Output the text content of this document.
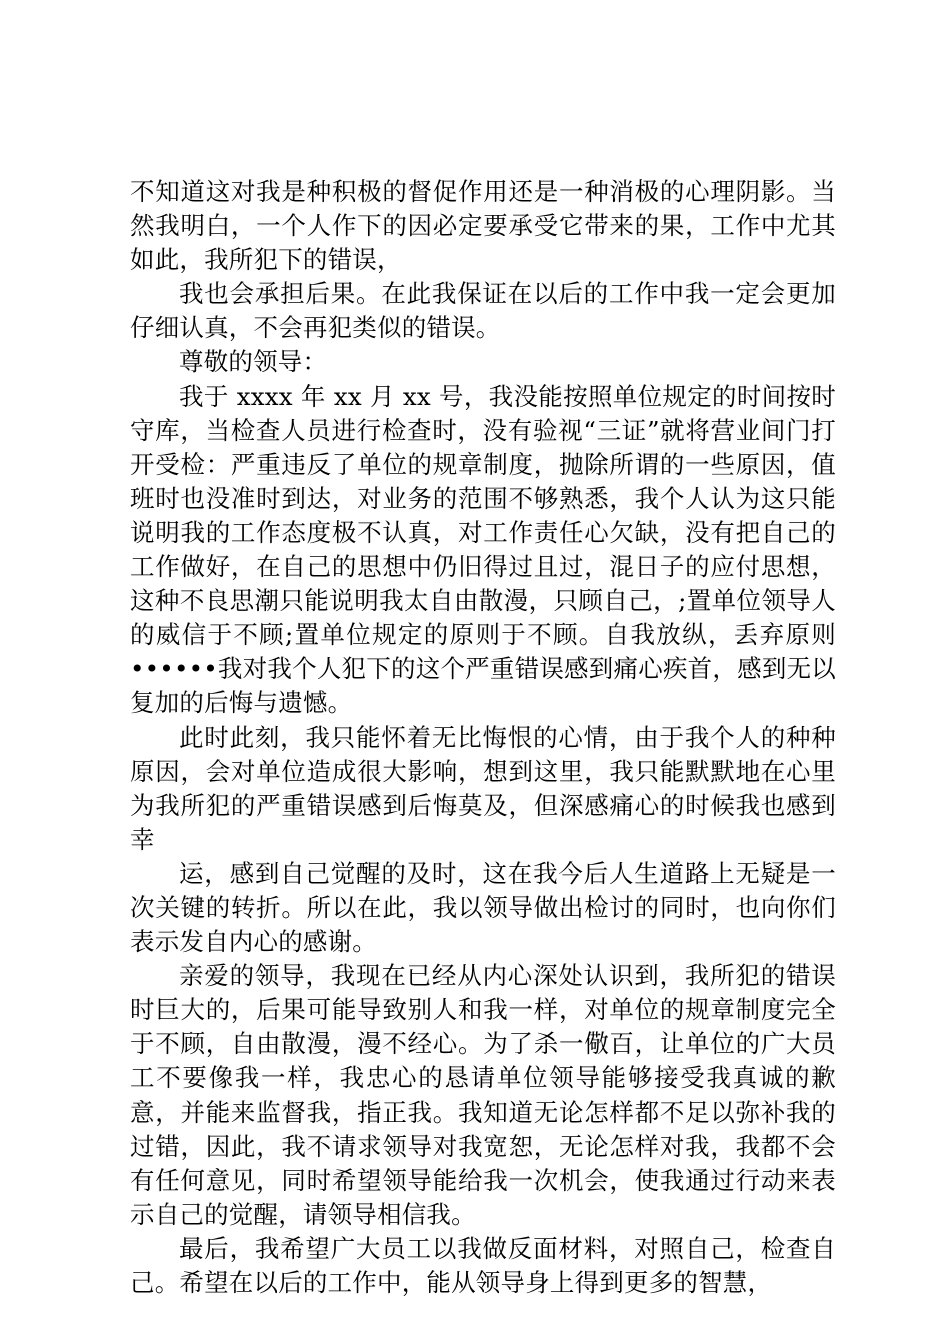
不知道这对我是种积极的督促作用还是一种消极的心理阴影。当然我明白，一个人作下的因必定要承受它带来的果，工作中尤其如此，我所犯下的错误，

我也会承担后果。在此我保证在以后的工作中我一定会更加仔细认真，不会再犯类似的错误。

尊敬的领导：

我于 xxxx 年 xx 月 xx 号，我没能按照单位规定的时间按时守库，当检查人员进行检查时，没有验视“三证”就将营业间门打开受检：严重违反了单位的规章制度，抛除所谓的一些原因，值班时也没准时到达，对业务的范围不够熟悉，我个人认为这只能说明我的工作态度极不认真，对工作责任心欠缺，没有把自己的工作做好，在自己的思想中仍旧得过且过，混日子的应付思想，这种不良思潮只能说明我太自由散漫，只顾自己，;置单位领导人的威信于不顾;置单位规定的原则于不顾。自我放纵，丢弃原则••••••我对我个人犯下的这个严重错误感到痛心疾首，感到无以复加的后悔与遗憾。

此时此刻，我只能怀着无比悔恨的心情，由于我个人的种种原因，会对单位造成很大影响，想到这里，我只能默默地在心里为我所犯的严重错误感到后悔莫及，但深感痛心的时候我也感到幸

运，感到自己觉醒的及时，这在我今后人生道路上无疑是一次关键的转折。所以在此，我以领导做出检讨的同时，也向你们表示发自内心的感谢。

亲爱的领导，我现在已经从内心深处认识到，我所犯的错误时巨大的，后果可能导致别人和我一样，对单位的规章制度完全于不顾，自由散漫，漫不经心。为了杀一儆百，让单位的广大员工不要像我一样，我忠心的恳请单位领导能够接受我真诚的歉意，并能来监督我，指正我。我知道无论怎样都不足以弥补我的过错，因此，我不请求领导对我宽恕，无论怎样对我，我都不会有任何意见，同时希望领导能给我一次机会，使我通过行动来表示自己的觉醒，请领导相信我。

最后，我希望广大员工以我做反面材料，对照自己，检查自己。希望在以后的工作中，能从领导身上得到更多的智慧，
